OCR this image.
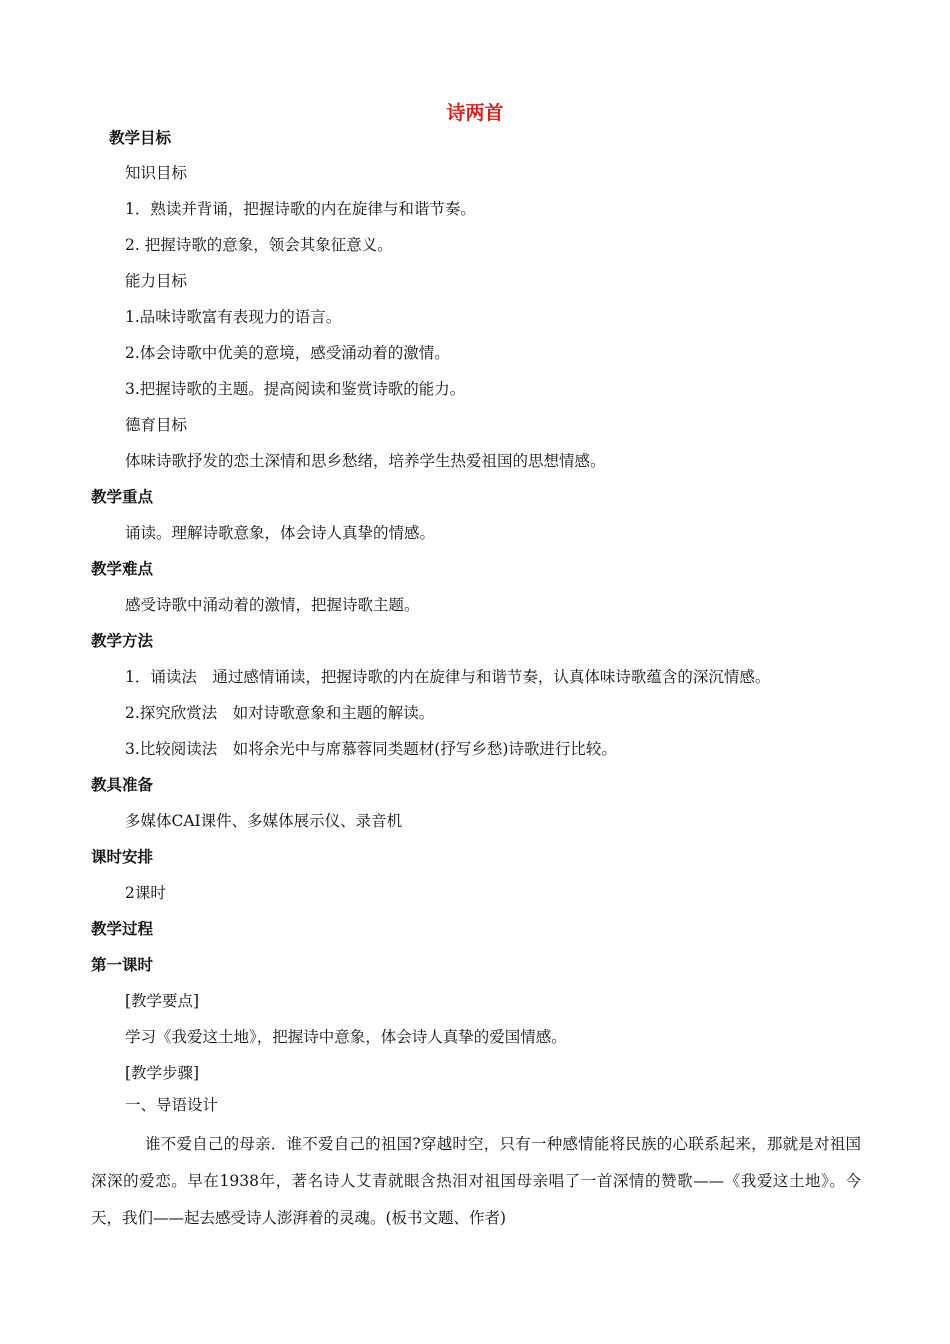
诗两首
教学目标
知识目标
1．熟读并背诵，把握诗歌的内在旋律与和谐节奏。
2. 把握诗歌的意象，领会其象征意义。
能力目标
1.品味诗歌富有表现力的语言。
2.体会诗歌中优美的意境，感受涌动着的激情。
3.把握诗歌的主题。提高阅读和鉴赏诗歌的能力。
德育目标
体味诗歌抒发的恋土深情和思乡愁绪，培养学生热爱祖国的思想情感。
教学重点
诵读。理解诗歌意象，体会诗人真挚的情感。
教学难点
感受诗歌中涌动着的激情，把握诗歌主题。
教学方法
1．诵读法　通过感情诵读，把握诗歌的内在旋律与和谐节奏，认真体味诗歌蕴含的深沉情感。
2.探究欣赏法　如对诗歌意象和主题的解读。
3.比较阅读法　如将余光中与席慕蓉同类题材(抒写乡愁)诗歌进行比较。
教具准备
多媒体CAI课件、多媒体展示仪、录音机
课时安排
2课时
教学过程
第一课时
[教学要点]
学习《我爱这土地》，把握诗中意象，体会诗人真挚的爱国情感。
[教学步骤]
一、导语设计
谁不爱自己的母亲．谁不爱自己的祖国?穿越时空，只有一种感情能将民族的心联系起来，那就是对祖国深深的爱恋。早在1938年，著名诗人艾青就眼含热泪对祖国母亲唱了一首深情的赞歌——《我爱这土地》。今天，我们——起去感受诗人澎湃着的灵魂。(板书文题、作者)
